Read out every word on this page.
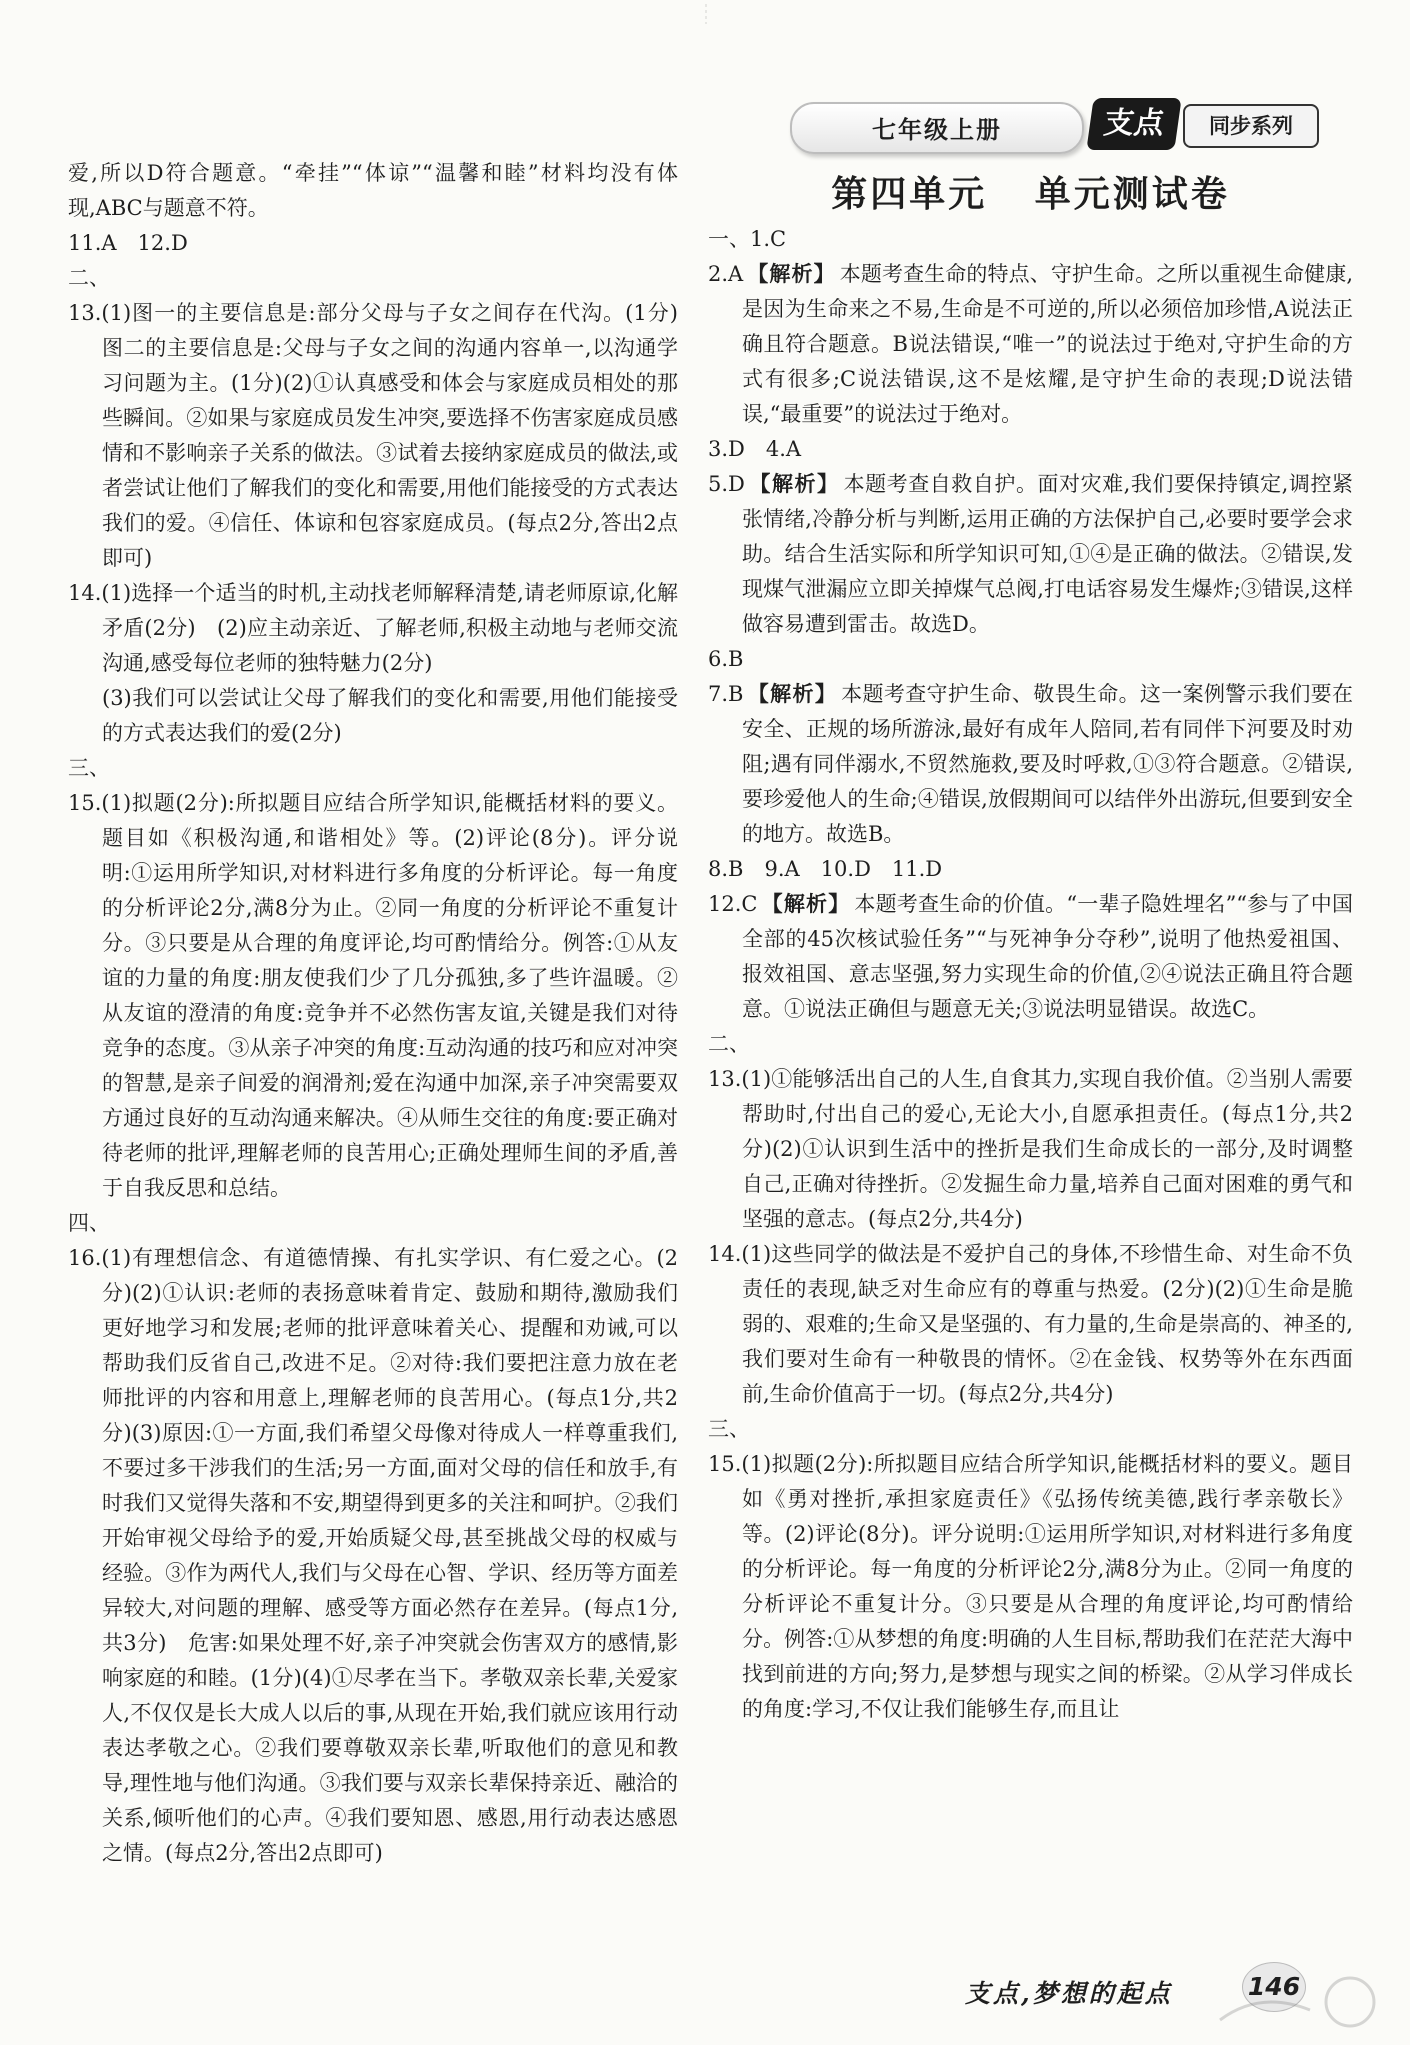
七年级上册	支点	同步系列
第四单元 单元测试卷

爱,所以D符合题意。“牵挂”“体谅”“温馨和睦”材料均没有体现,ABC与题意不符。

11.A　12.D

二、

13.(1)图一的主要信息是:部分父母与子女之间存在代沟。(1分)　图二的主要信息是:父母与子女之间的沟通内容单一,以沟通学习问题为主。(1分)(2)①认真感受和体会与家庭成员相处的那些瞬间。②如果与家庭成员发生冲突,要选择不伤害家庭成员感情和不影响亲子关系的做法。③试着去接纳家庭成员的做法,或者尝试让他们了解我们的变化和需要,用他们能接受的方式表达我们的爱。④信任、体谅和包容家庭成员。(每点2分,答出2点即可)

14.(1)选择一个适当的时机,主动找老师解释清楚,请老师原谅,化解矛盾(2分)　(2)应主动亲近、了解老师,积极主动地与老师交流沟通,感受每位老师的独特魅力(2分)

(3)我们可以尝试让父母了解我们的变化和需要,用他们能接受的方式表达我们的爱(2分)

三、

15.(1)拟题(2分):所拟题目应结合所学知识,能概括材料的要义。题目如《积极沟通,和谐相处》等。(2)评论(8分)。评分说明:①运用所学知识,对材料进行多角度的分析评论。每一角度的分析评论2分,满8分为止。②同一角度的分析评论不重复计分。③只要是从合理的角度评论,均可酌情给分。例答:①从友谊的力量的角度:朋友使我们少了几分孤独,多了些许温暖。②从友谊的澄清的角度:竞争并不必然伤害友谊,关键是我们对待竞争的态度。③从亲子冲突的角度:互动沟通的技巧和应对冲突的智慧,是亲子间爱的润滑剂;爱在沟通中加深,亲子冲突需要双方通过良好的互动沟通来解决。④从师生交往的角度:要正确对待老师的批评,理解老师的良苦用心;正确处理师生间的矛盾,善于自我反思和总结。

四、

16.(1)有理想信念、有道德情操、有扎实学识、有仁爱之心。(2分)(2)①认识:老师的表扬意味着肯定、鼓励和期待,激励我们更好地学习和发展;老师的批评意味着关心、提醒和劝诫,可以帮助我们反省自己,改进不足。②对待:我们要把注意力放在老师批评的内容和用意上,理解老师的良苦用心。(每点1分,共2分)(3)原因:①一方面,我们希望父母像对待成人一样尊重我们,不要过多干涉我们的生活;另一方面,面对父母的信任和放手,有时我们又觉得失落和不安,期望得到更多的关注和呵护。②我们开始审视父母给予的爱,开始质疑父母,甚至挑战父母的权威与经验。③作为两代人,我们与父母在心智、学识、经历等方面差异较大,对问题的理解、感受等方面必然存在差异。(每点1分,共3分)　危害:如果处理不好,亲子冲突就会伤害双方的感情,影响家庭的和睦。(1分)(4)①尽孝在当下。孝敬双亲长辈,关爱家人,不仅仅是长大成人以后的事,从现在开始,我们就应该用行动表达孝敬之心。②我们要尊敬双亲长辈,听取他们的意见和教导,理性地与他们沟通。③我们要与双亲长辈保持亲近、融洽的关系,倾听他们的心声。④我们要知恩、感恩,用行动表达感恩之情。(每点2分,答出2点即可)

一、1.C

2.A 【解析】 本题考查生命的特点、守护生命。之所以重视生命健康,是因为生命来之不易,生命是不可逆的,所以必须倍加珍惜,A说法正确且符合题意。B说法错误,“唯一”的说法过于绝对,守护生命的方式有很多;C说法错误,这不是炫耀,是守护生命的表现;D说法错误,“最重要”的说法过于绝对。

3.D　4.A

5.D 【解析】 本题考查自救自护。面对灾难,我们要保持镇定,调控紧张情绪,冷静分析与判断,运用正确的方法保护自己,必要时要学会求助。结合生活实际和所学知识可知,①④是正确的做法。②错误,发现煤气泄漏应立即关掉煤气总阀,打电话容易发生爆炸;③错误,这样做容易遭到雷击。故选D。

6.B

7.B 【解析】 本题考查守护生命、敬畏生命。这一案例警示我们要在安全、正规的场所游泳,最好有成年人陪同,若有同伴下河要及时劝阻;遇有同伴溺水,不贸然施救,要及时呼救,①③符合题意。②错误,要珍爱他人的生命;④错误,放假期间可以结伴外出游玩,但要到安全的地方。故选B。

8.B　9.A　10.D　11.D

12.C 【解析】 本题考查生命的价值。“一辈子隐姓埋名”“参与了中国全部的45次核试验任务”“与死神争分夺秒”,说明了他热爱祖国、报效祖国、意志坚强,努力实现生命的价值,②④说法正确且符合题意。①说法正确但与题意无关;③说法明显错误。故选C。

二、

13.(1)①能够活出自己的人生,自食其力,实现自我价值。②当别人需要帮助时,付出自己的爱心,无论大小,自愿承担责任。(每点1分,共2分)(2)①认识到生活中的挫折是我们生命成长的一部分,及时调整自己,正确对待挫折。②发掘生命力量,培养自己面对困难的勇气和坚强的意志。(每点2分,共4分)

14.(1)这些同学的做法是不爱护自己的身体,不珍惜生命、对生命不负责任的表现,缺乏对生命应有的尊重与热爱。(2分)(2)①生命是脆弱的、艰难的;生命又是坚强的、有力量的,生命是崇高的、神圣的,我们要对生命有一种敬畏的情怀。②在金钱、权势等外在东西面前,生命价值高于一切。(每点2分,共4分)

三、

15.(1)拟题(2分):所拟题目应结合所学知识,能概括材料的要义。题目如《勇对挫折,承担家庭责任》《弘扬传统美德,践行孝亲敬长》等。(2)评论(8分)。评分说明:①运用所学知识,对材料进行多角度的分析评论。每一角度的分析评论2分,满8分为止。②同一角度的分析评论不重复计分。③只要是从合理的角度评论,均可酌情给分。例答:①从梦想的角度:明确的人生目标,帮助我们在茫茫大海中找到前进的方向;努力,是梦想与现实之间的桥梁。②从学习伴成长的角度:学习,不仅让我们能够生存,而且让

支点,梦想的起点	146
